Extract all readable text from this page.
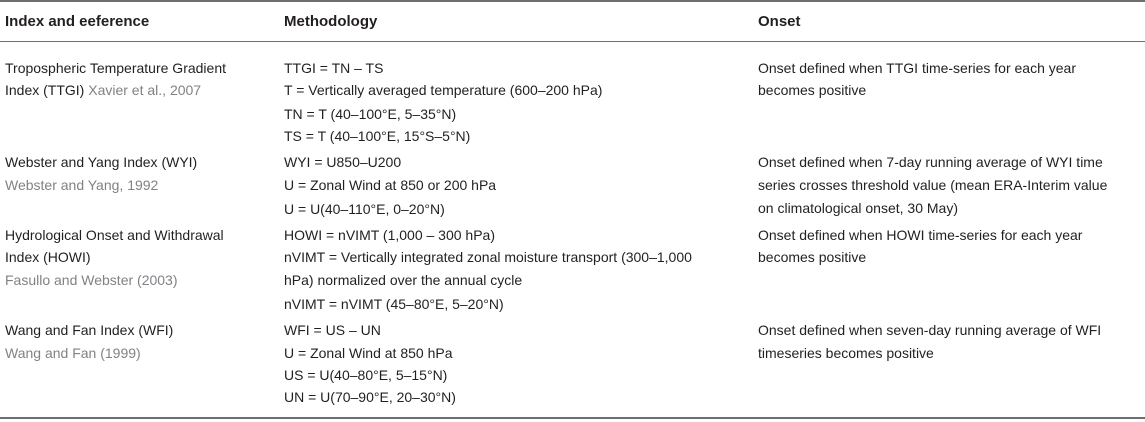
Index and eeference	Methodology	Onset
Tropospheric Temperature Gradient
Index (TTGI) Xavier et al., 2007
TTGI = TN – TS
T = Vertically averaged temperature (600–200 hPa)
TN = T (40–100°E, 5–35°N)
TS = T (40–100°E, 15°S–5°N)
Onset defined when TTGI time-series for each year
becomes positive
Webster and Yang Index (WYI)
Webster and Yang, 1992
WYI = U850–U200
U = Zonal Wind at 850 or 200 hPa
U = U(40–110°E, 0–20°N)
Onset defined when 7-day running average of WYI time
series crosses threshold value (mean ERA-Interim value
on climatological onset, 30 May)
Hydrological Onset and Withdrawal
Index (HOWI)
Fasullo and Webster (2003)
HOWI = nVIMT (1,000 – 300 hPa)
nVIMT = Vertically integrated zonal moisture transport (300–1,000
hPa) normalized over the annual cycle
nVIMT = nVIMT (45–80°E, 5–20°N)
Onset defined when HOWI time-series for each year
becomes positive
Wang and Fan Index (WFI)
Wang and Fan (1999)
WFI = US – UN
U = Zonal Wind at 850 hPa
US = U(40–80°E, 5–15°N)
UN = U(70–90°E, 20–30°N)
Onset defined when seven-day running average of WFI
timeseries becomes positive
